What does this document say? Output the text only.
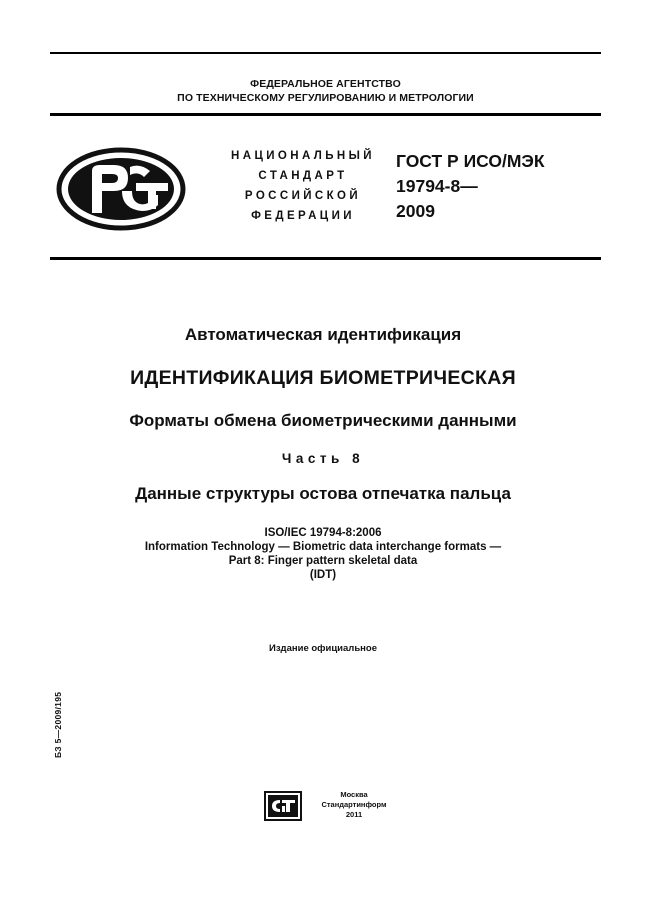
ФЕДЕРАЛЬНОЕ АГЕНТСТВО
ПО ТЕХНИЧЕСКОМУ РЕГУЛИРОВАНИЮ И МЕТРОЛОГИИ
НАЦИОНАЛЬНЫЙ
СТАНДАРТ
РОССИЙСКОЙ
ФЕДЕРАЦИИ
ГОСТ Р ИСО/МЭК
19794-8—
2009
Автоматическая идентификация
ИДЕНТИФИКАЦИЯ БИОМЕТРИЧЕСКАЯ
Форматы обмена биометрическими данными
Часть 8
Данные структуры остова отпечатка пальца
ISO/IEC 19794-8:2006
Information Technology — Biometric data interchange formats —
Part 8: Finger pattern skeletal data
(IDT)
Издание официальное
БЗ 5—2009/195
Москва
Стандартинформ
2011
